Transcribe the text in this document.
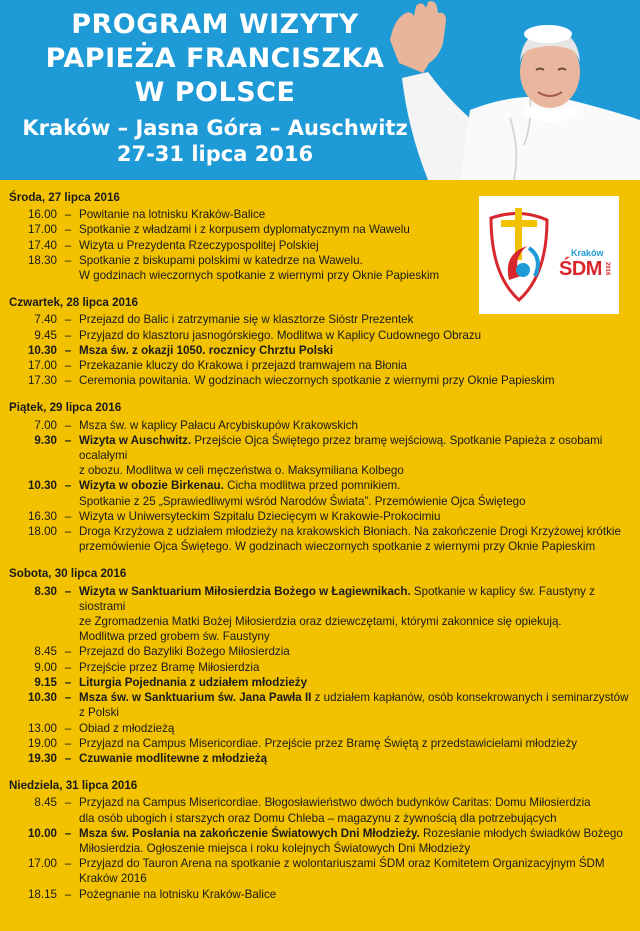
PROGRAM WIZYTY
PAPIEŻA FRANCISZKA
W POLSCE
Kraków – Jasna Góra – Auschwitz
27-31 lipca 2016
Kraków
ŚDM 2016
Środa, 27 lipca 2016
16.00 – Powitanie na lotnisku Kraków-Balice
17.00 – Spotkanie z władzami i z korpusem dyplomatycznym na Wawelu
17.40 – Wizyta u Prezydenta Rzeczypospolitej Polskiej
18.30 – Spotkanie z biskupami polskimi w katedrze na Wawelu.
W godzinach wieczornych spotkanie z wiernymi przy Oknie Papieskim
Czwartek, 28 lipca 2016
7.40 – Przejazd do Balic i zatrzymanie się w klasztorze Sióstr Prezentek
9.45 – Przyjazd do klasztoru jasnogórskiego. Modlitwa w Kaplicy Cudownego Obrazu
10.30 – Msza św. z okazji 1050. rocznicy Chrztu Polski
17.00 – Przekazanie kluczy do Krakowa i przejazd tramwajem na Błonia
17.30 – Ceremonia powitania. W godzinach wieczornych spotkanie z wiernymi przy Oknie Papieskim
Piątek, 29 lipca 2016
7.00 – Msza św. w kaplicy Pałacu Arcybiskupów Krakowskich
9.30 – Wizyta w Auschwitz. Przejście Ojca Świętego przez bramę wejściową. Spotkanie Papieża z osobami ocalałymi
z obozu. Modlitwa w celi męczeństwa o. Maksymiliana Kolbego
10.30 – Wizyta w obozie Birkenau. Cicha modlitwa przed pomnikiem.
Spotkanie z 25 „Sprawiedliwymi wśród Narodów Świata”. Przemówienie Ojca Świętego
16.30 – Wizyta w Uniwersyteckim Szpitalu Dziecięcym w Krakowie-Prokocimiu
18.00 – Droga Krzyżowa z udziałem młodzieży na krakowskich Błoniach. Na zakończenie Drogi Krzyżowej krótkie
przemówienie Ojca Świętego. W godzinach wieczornych spotkanie z wiernymi przy Oknie Papieskim
Sobota, 30 lipca 2016
8.30 – Wizyta w Sanktuarium Miłosierdzia Bożego w Łagiewnikach. Spotkanie w kaplicy św. Faustyny z siostrami
ze Zgromadzenia Matki Bożej Miłosierdzia oraz dziewczętami, którymi zakonnice się opiekują.
Modlitwa przed grobem św. Faustyny
8.45 – Przejazd do Bazyliki Bożego Miłosierdzia
9.00 – Przejście przez Bramę Miłosierdzia
9.15 – Liturgia Pojednania z udziałem młodzieży
10.30 – Msza św. w Sanktuarium św. Jana Pawła II z udziałem kapłanów, osób konsekrowanych i seminarzystów z Polski
13.00 – Obiad z młodzieżą
19.00 – Przyjazd na Campus Misericordiae. Przejście przez Bramę Świętą z przedstawicielami młodzieży
19.30 – Czuwanie modlitewne z młodzieżą
Niedziela, 31 lipca 2016
8.45 – Przyjazd na Campus Misericordiae. Błogosławieństwo dwóch budynków Caritas: Domu Miłosierdzia
dla osób ubogich i starszych oraz Domu Chleba – magazynu z żywnością dla potrzebujących
10.00 – Msza św. Posłania na zakończenie Światowych Dni Młodzieży. Rozesłanie młodych świadków Bożego
Miłosierdzia. Ogłoszenie miejsca i roku kolejnych Światowych Dni Młodzieży
17.00 – Przyjazd do Tauron Arena na spotkanie z wolontariuszami ŚDM oraz Komitetem Organizacyjnym ŚDM Kraków 2016
18.15 – Pożegnanie na lotnisku Kraków-Balice
